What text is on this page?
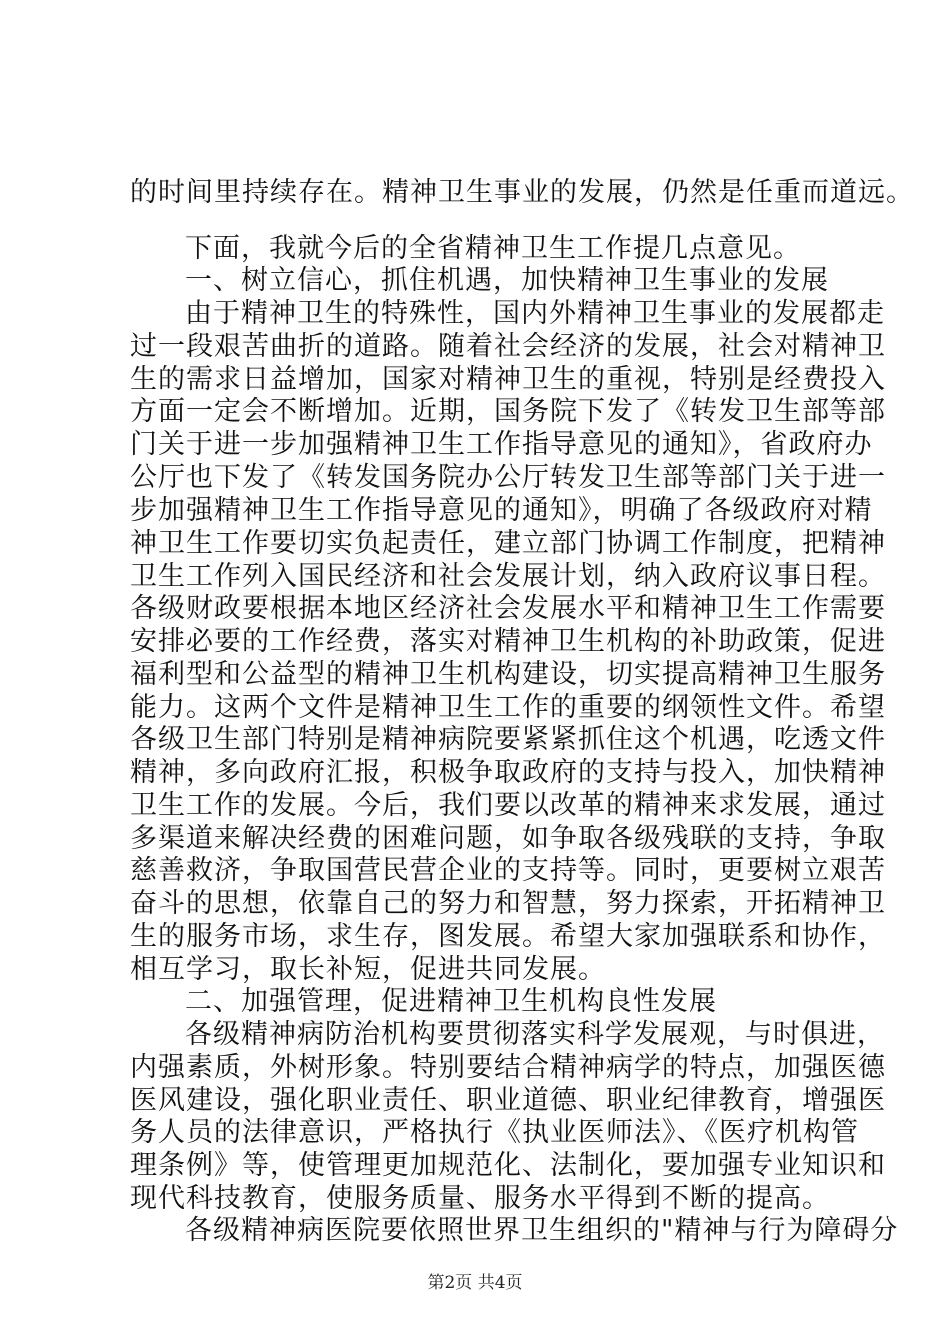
的时间里持续存在。精神卫生事业的发展，仍然是任重而道远。
下面，我就今后的全省精神卫生工作提几点意见。
一、树立信心，抓住机遇，加快精神卫生事业的发展
由于精神卫生的特殊性，国内外精神卫生事业的发展都走
过一段艰苦曲折的道路。随着社会经济的发展，社会对精神卫
生的需求日益增加，国家对精神卫生的重视，特别是经费投入
方面一定会不断增加。近期，国务院下发了《转发卫生部等部
门关于进一步加强精神卫生工作指导意见的通知》，省政府办
公厅也下发了《转发国务院办公厅转发卫生部等部门关于进一
步加强精神卫生工作指导意见的通知》，明确了各级政府对精
神卫生工作要切实负起责任，建立部门协调工作制度，把精神
卫生工作列入国民经济和社会发展计划，纳入政府议事日程。
各级财政要根据本地区经济社会发展水平和精神卫生工作需要
安排必要的工作经费，落实对精神卫生机构的补助政策，促进
福利型和公益型的精神卫生机构建设，切实提高精神卫生服务
能力。这两个文件是精神卫生工作的重要的纲领性文件。希望
各级卫生部门特别是精神病院要紧紧抓住这个机遇，吃透文件
精神，多向政府汇报，积极争取政府的支持与投入，加快精神
卫生工作的发展。今后，我们要以改革的精神来求发展，通过
多渠道来解决经费的困难问题，如争取各级残联的支持，争取
慈善救济，争取国营民营企业的支持等。同时，更要树立艰苦
奋斗的思想，依靠自己的努力和智慧，努力探索，开拓精神卫
生的服务市场，求生存，图发展。希望大家加强联系和协作，
相互学习，取长补短，促进共同发展。
二、加强管理，促进精神卫生机构良性发展
各级精神病防治机构要贯彻落实科学发展观，与时俱进，
内强素质，外树形象。特别要结合精神病学的特点，加强医德
医风建设，强化职业责任、职业道德、职业纪律教育，增强医
务人员的法律意识，严格执行《执业医师法》、《医疗机构管
理条例》等，使管理更加规范化、法制化，要加强专业知识和
现代科技教育，使服务质量、服务水平得到不断的提高。
各级精神病医院要依照世界卫生组织的"精神与行为障碍分
第2页 共4页
